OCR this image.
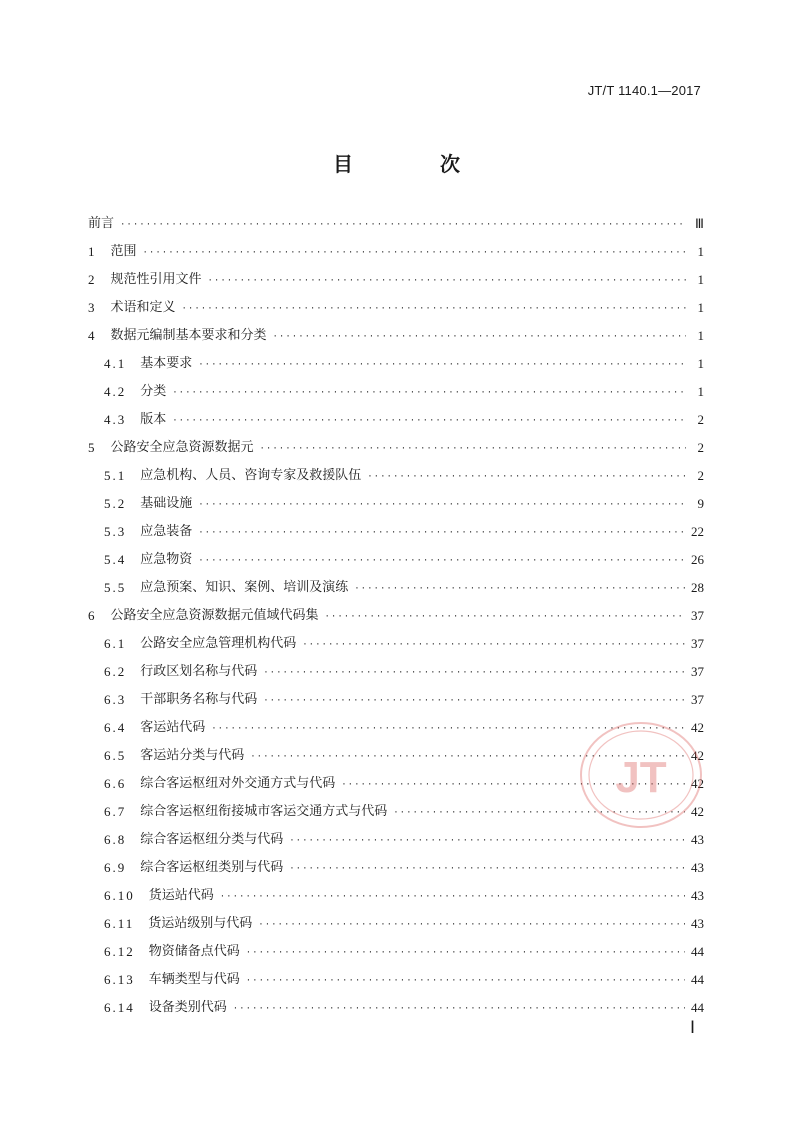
JT/T 1140.1—2017
目 次
前言 ·····	Ⅲ
1 范围 ·····	1
2 规范性引用文件 ·····	1
3 术语和定义 ·····	1
4 数据元编制基本要求和分类 ·····	1
4.1 基本要求 ·····	1
4.2 分类 ·····	1
4.3 版本 ·····	2
5 公路安全应急资源数据元 ·····	2
5.1 应急机构、人员、咨询专家及救援队伍 ·····	2
5.2 基础设施 ·····	9
5.3 应急装备 ·····	22
5.4 应急物资 ·····	26
5.5 应急预案、知识、案例、培训及演练 ·····	28
6 公路安全应急资源数据元值域代码集 ·····	37
6.1 公路安全应急管理机构代码 ·····	37
6.2 行政区划名称与代码 ·····	37
6.3 干部职务名称与代码 ·····	37
6.4 客运站代码 ·····	42
6.5 客运站分类与代码 ·····	42
6.6 综合客运枢纽对外交通方式与代码 ·····	42
6.7 综合客运枢纽衔接城市客运交通方式与代码 ·····	42
6.8 综合客运枢纽分类与代码 ·····	43
6.9 综合客运枢纽类别与代码 ·····	43
6.10 货运站代码 ·····	43
6.11 货运站级别与代码 ·····	43
6.12 物资储备点代码 ·····	44
6.13 车辆类型与代码 ·····	44
6.14 设备类别代码 ·····	44
JT
Ⅰ
